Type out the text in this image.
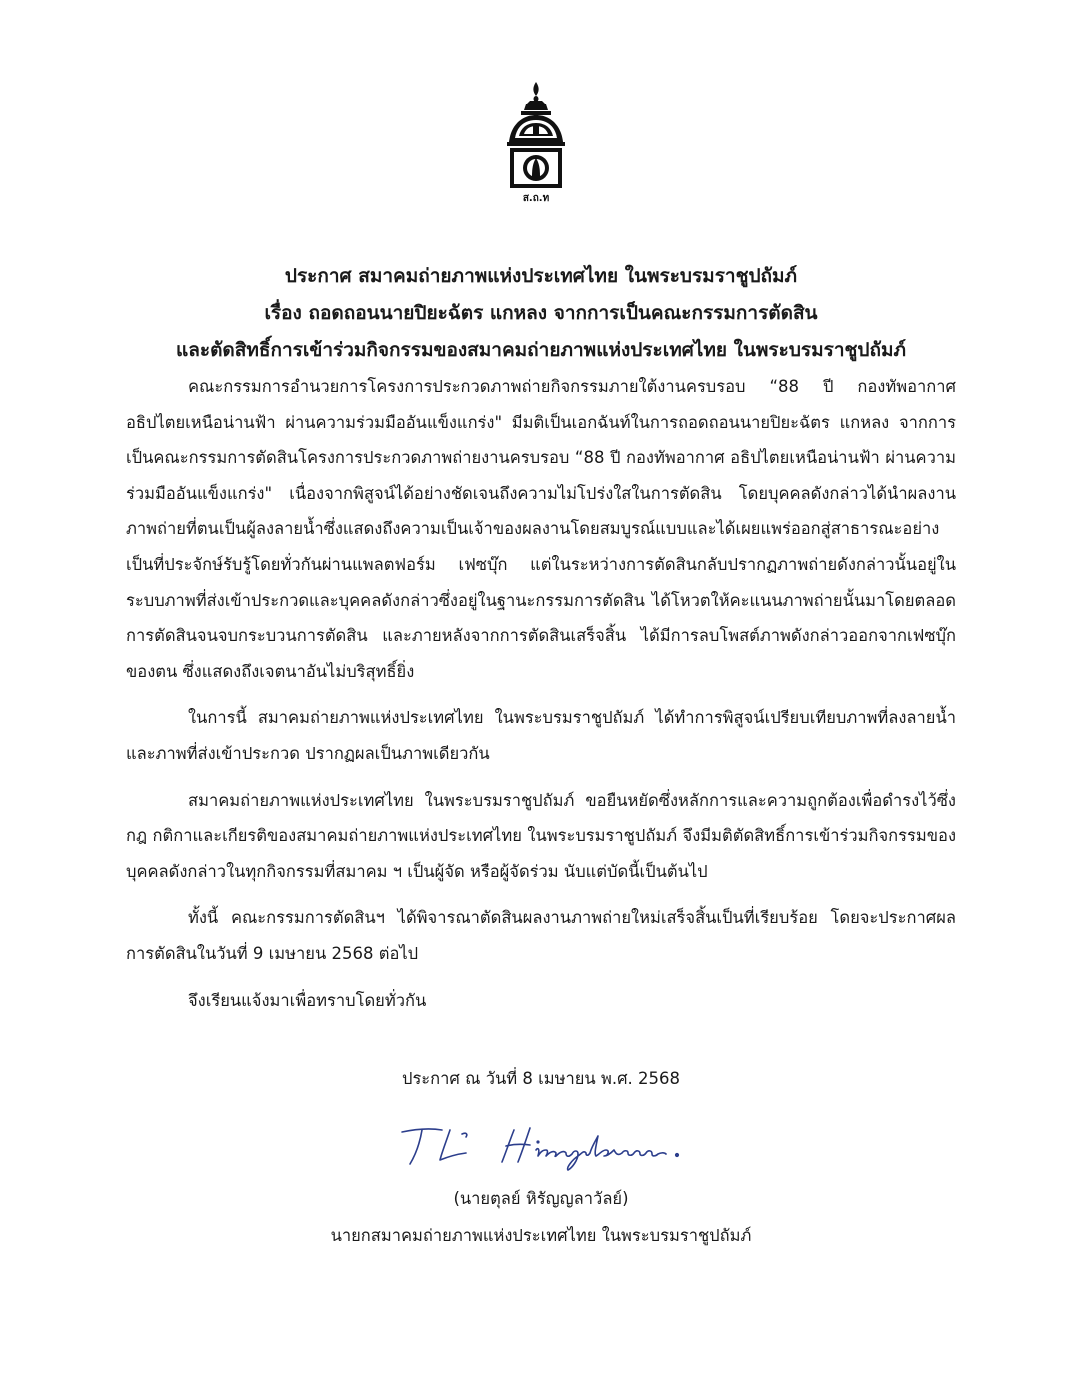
ส.ถ.ท
ประกาศ สมาคมถ่ายภาพแห่งประเทศไทย ในพระบรมราชูปถัมภ์
เรื่อง ถอดถอนนายปิยะฉัตร แกหลง จากการเป็นคณะกรรมการตัดสิน
และตัดสิทธิ์การเข้าร่วมกิจกรรมของสมาคมถ่ายภาพแห่งประเทศไทย ในพระบรมราชูปถัมภ์

คณะกรรมการอำนวยการโครงการประกวดภาพถ่ายกิจกรรมภายใต้งานครบรอบ “88 ปี กองทัพอากาศ อธิปไตยเหนือน่านฟ้า ผ่านความร่วมมืออันแข็งแกร่ง" มีมติเป็นเอกฉันท์ในการถอดถอนนายปิยะฉัตร แกหลง จากการเป็นคณะกรรมการตัดสินโครงการประกวดภาพถ่ายงานครบรอบ “88 ปี กองทัพอากาศ อธิปไตยเหนือน่านฟ้า ผ่านความร่วมมืออันแข็งแกร่ง" เนื่องจากพิสูจน์ได้อย่างชัดเจนถึงความไม่โปร่งใสในการตัดสิน โดยบุคคลดังกล่าวได้นำผลงานภาพถ่ายที่ตนเป็นผู้ลงลายน้ำซึ่งแสดงถึงความเป็นเจ้าของผลงานโดยสมบูรณ์แบบและได้เผยแพร่ออกสู่สาธารณะอย่างเป็นที่ประจักษ์รับรู้โดยทั่วกันผ่านแพลตฟอร์ม เฟซบุ๊ก แต่ในระหว่างการตัดสินกลับปรากฏภาพถ่ายดังกล่าวนั้นอยู่ในระบบภาพที่ส่งเข้าประกวดและบุคคลดังกล่าวซึ่งอยู่ในฐานะกรรมการตัดสิน ได้โหวตให้คะแนนภาพถ่ายนั้นมาโดยตลอดการตัดสินจนจบกระบวนการตัดสิน และภายหลังจากการตัดสินเสร็จสิ้น ได้มีการลบโพสต์ภาพดังกล่าวออกจากเฟซบุ๊กของตน ซึ่งแสดงถึงเจตนาอันไม่บริสุทธิ์ยิ่ง

ในการนี้ สมาคมถ่ายภาพแห่งประเทศไทย ในพระบรมราชูปถัมภ์ ได้ทำการพิสูจน์เปรียบเทียบภาพที่ลงลายน้ำและภาพที่ส่งเข้าประกวด ปรากฏผลเป็นภาพเดียวกัน

สมาคมถ่ายภาพแห่งประเทศไทย ในพระบรมราชูปถัมภ์ ขอยืนหยัดซึ่งหลักการและความถูกต้องเพื่อดำรงไว้ซึ่ง กฎ กติกาและเกียรติของสมาคมถ่ายภาพแห่งประเทศไทย ในพระบรมราชูปถัมภ์ จึงมีมติตัดสิทธิ์การเข้าร่วมกิจกรรมของบุคคลดังกล่าวในทุกกิจกรรมที่สมาคม ฯ เป็นผู้จัด หรือผู้จัดร่วม นับแต่บัดนี้เป็นต้นไป

ทั้งนี้ คณะกรรมการตัดสินฯ ได้พิจารณาตัดสินผลงานภาพถ่ายใหม่เสร็จสิ้นเป็นที่เรียบร้อย โดยจะประกาศผลการตัดสินในวันที่ 9 เมษายน 2568 ต่อไป

จึงเรียนแจ้งมาเพื่อทราบโดยทั่วกัน

ประกาศ ณ วันที่ 8 เมษายน พ.ศ. 2568
(นายตุลย์ หิรัญญลาวัลย์)
นายกสมาคมถ่ายภาพแห่งประเทศไทย ในพระบรมราชูปถัมภ์
